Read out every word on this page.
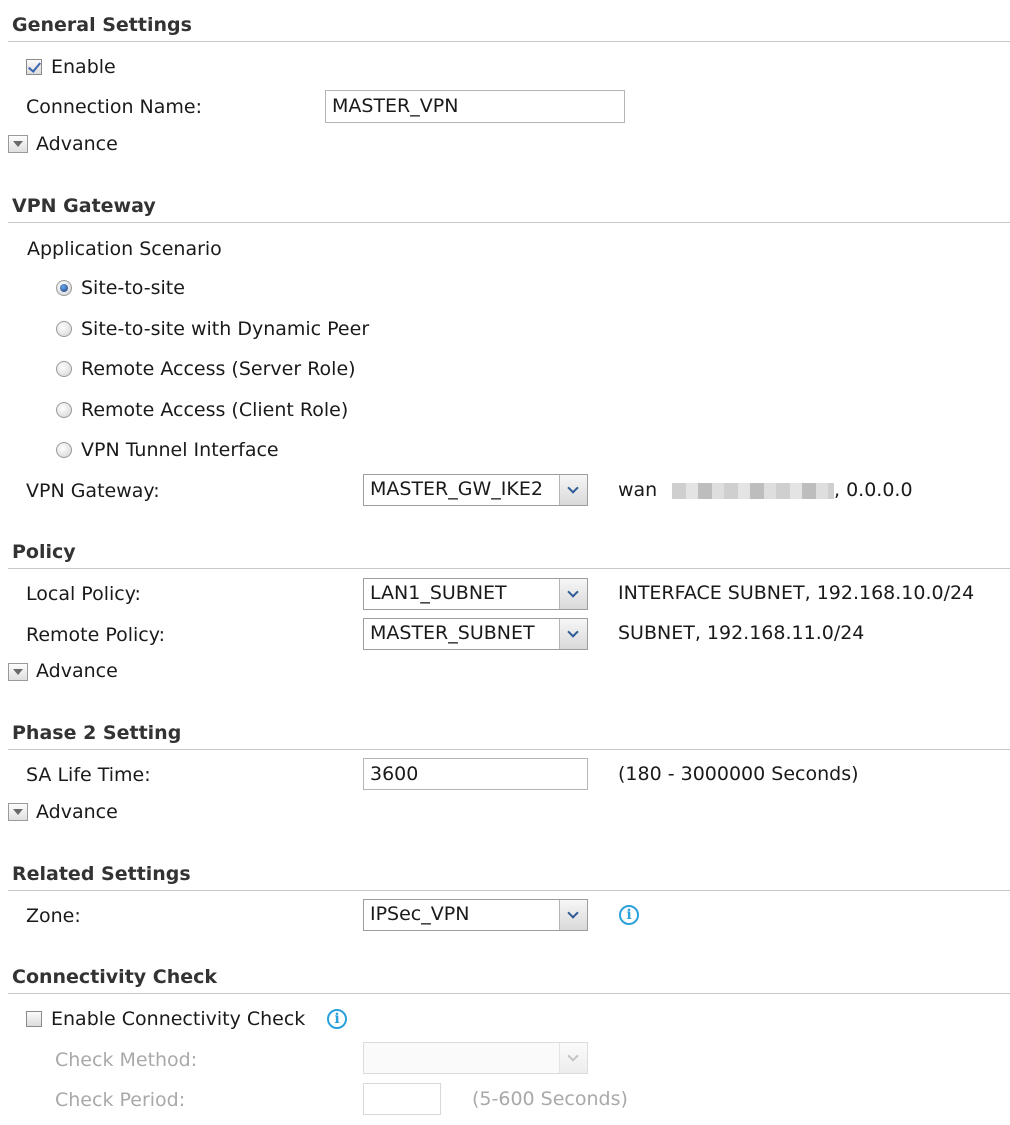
General Settings
Enable
Connection Name:	MASTER_VPN
Advance
VPN Gateway
Application Scenario
Site-to-site
Site-to-site with Dynamic Peer
Remote Access (Server Role)
Remote Access (Client Role)
VPN Tunnel Interface
VPN Gateway:	MASTER_GW_IKE2	wan	, 0.0.0.0
Policy
Local Policy:	LAN1_SUBNET	INTERFACE SUBNET, 192.168.10.0/24
Remote Policy:	MASTER_SUBNET	SUBNET, 192.168.11.0/24
Advance
Phase 2 Setting
SA Life Time:	3600	(180 - 3000000 Seconds)
Advance
Related Settings
Zone:	IPSec_VPN	i
Connectivity Check
Enable Connectivity Check	i
Check Method:
Check Period:	(5-600 Seconds)
